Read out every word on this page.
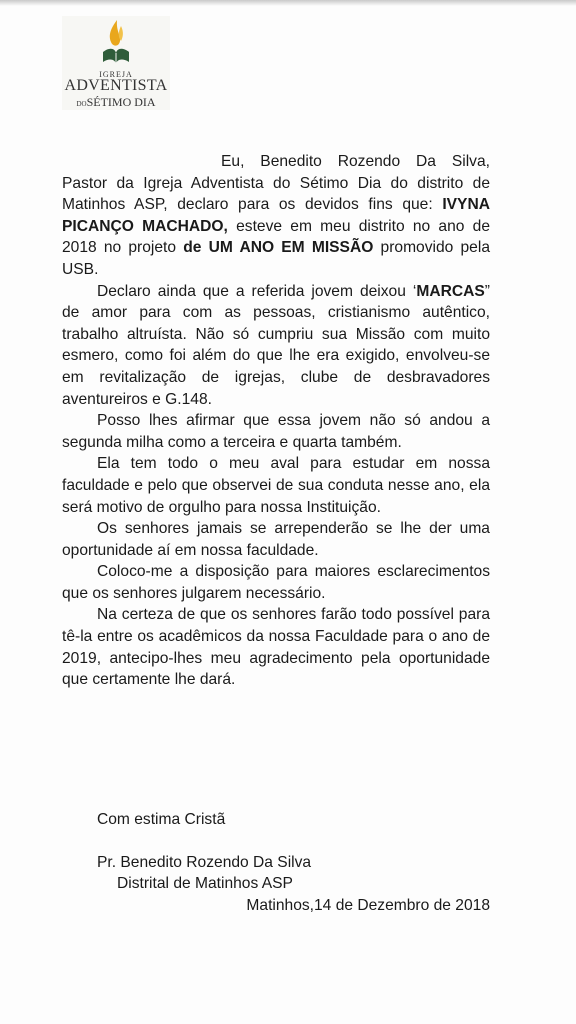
IGREJA
ADVENTISTA
DOSÉTIMO DIA

Eu, Benedito Rozendo Da Silva, Pastor da Igreja Adventista do Sétimo Dia do distrito de Matinhos ASP, declaro para os devidos fins que: IVYNA PICANÇO MACHADO, esteve em meu distrito no ano de 2018 no projeto de UM ANO EM MISSÃO promovido pela USB.

Declaro ainda que a referida jovem deixou ‘MARCAS” de amor para com as pessoas, cristianismo autêntico, trabalho altruísta. Não só cumpriu sua Missão com muito esmero, como foi além do que lhe era exigido, envolveu-se em revitalização de igrejas, clube de desbravadores aventureiros e G.148.

Posso lhes afirmar que essa jovem não só andou a segunda milha como a terceira e quarta também.

Ela tem todo o meu aval para estudar em nossa faculdade e pelo que observei de sua conduta nesse ano, ela será motivo de orgulho para nossa Instituição.

Os senhores jamais se arrependerão se lhe der uma oportunidade aí em nossa faculdade.

Coloco-me a disposição para maiores esclarecimentos que os senhores julgarem necessário.

Na certeza de que os senhores farão todo possível para tê-la entre os acadêmicos da nossa Faculdade para o ano de 2019, antecipo-lhes meu agradecimento pela oportunidade que certamente lhe dará.

Com estima Cristã
Pr. Benedito Rozendo Da Silva
Distrital de Matinhos ASP
Matinhos,14 de Dezembro de 2018
